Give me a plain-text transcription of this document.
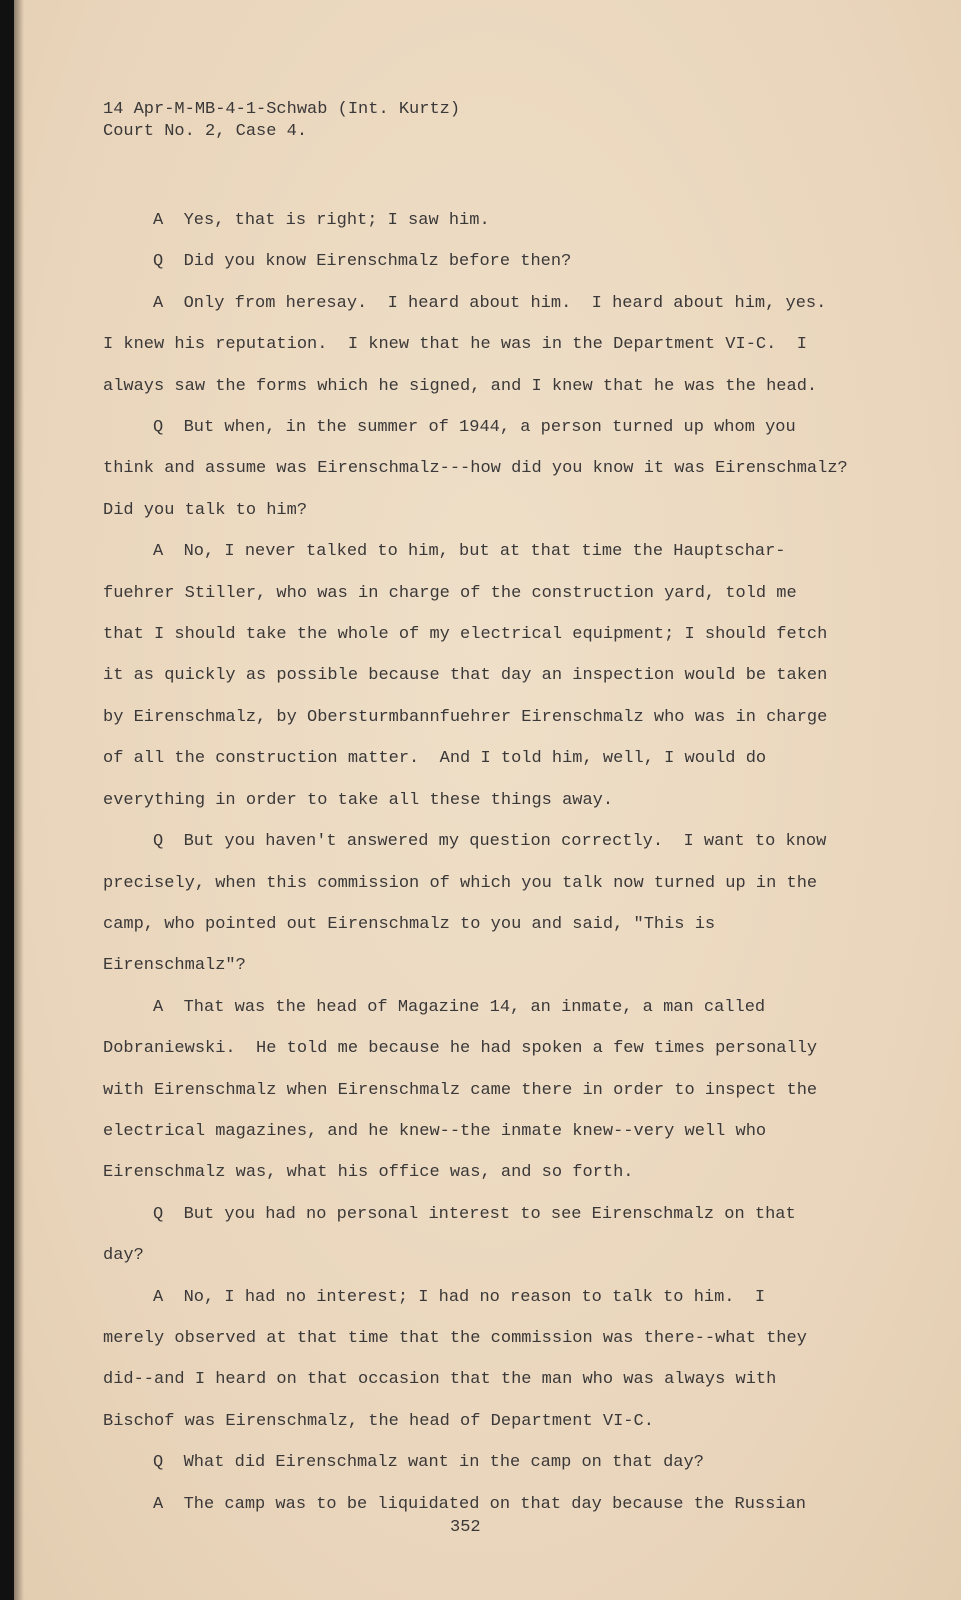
14 Apr-M-MB-4-1-Schwab (Int. Kurtz)
Court No. 2, Case 4.
A  Yes, that is right; I saw him.
Q  Did you know Eirenschmalz before then?
A  Only from heresay.  I heard about him.  I heard about him, yes.
I knew his reputation.  I knew that he was in the Department VI-C.  I
always saw the forms which he signed, and I knew that he was the head.
Q  But when, in the summer of 1944, a person turned up whom you
think and assume was Eirenschmalz---how did you know it was Eirenschmalz?
Did you talk to him?
A  No, I never talked to him, but at that time the Hauptschar-
fuehrer Stiller, who was in charge of the construction yard, told me
that I should take the whole of my electrical equipment; I should fetch
it as quickly as possible because that day an inspection would be taken
by Eirenschmalz, by Obersturmbannfuehrer Eirenschmalz who was in charge
of all the construction matter.  And I told him, well, I would do
everything in order to take all these things away.
Q  But you haven't answered my question correctly.  I want to know
precisely, when this commission of which you talk now turned up in the
camp, who pointed out Eirenschmalz to you and said, "This is
Eirenschmalz"?
A  That was the head of Magazine 14, an inmate, a man called
Dobraniewski.  He told me because he had spoken a few times personally
with Eirenschmalz when Eirenschmalz came there in order to inspect the
electrical magazines, and he knew--the inmate knew--very well who
Eirenschmalz was, what his office was, and so forth.
Q  But you had no personal interest to see Eirenschmalz on that
day?
A  No, I had no interest; I had no reason to talk to him.  I
merely observed at that time that the commission was there--what they
did--and I heard on that occasion that the man who was always with
Bischof was Eirenschmalz, the head of Department VI-C.
Q  What did Eirenschmalz want in the camp on that day?
A  The camp was to be liquidated on that day because the Russian
352
